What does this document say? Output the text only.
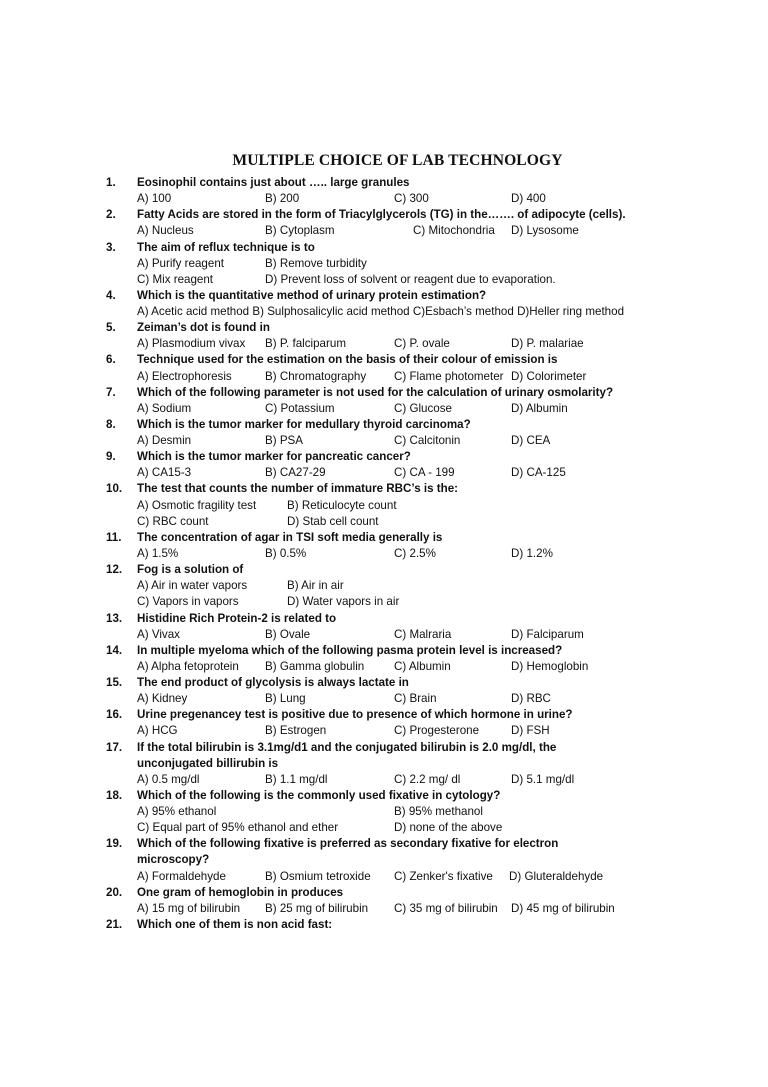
MULTIPLE CHOICE OF LAB TECHNOLOGY
1. Eosinophil contains just about ….. large granules
A) 100	B) 200	C) 300	D) 400
2. Fatty Acids are stored in the form of Triacylglycerols (TG) in the……. of adipocyte (cells).
A) Nucleus	B) Cytoplasm	C) Mitochondria D) Lysosome
3. The aim of reflux technique is to
A) Purify reagent	B) Remove turbidity
C) Mix reagent	D) Prevent loss of solvent or reagent due to evaporation.
4. Which is the quantitative method of urinary protein estimation?
A) Acetic acid method B) Sulphosalicylic acid method C)Esbach’s method D)Heller ring method
5. Zeiman’s dot is found in
A) Plasmodium vivax B) P. falciparum	C) P. ovale	D) P. malariae
6. Technique used for the estimation on the basis of their colour of emission is
A) Electrophoresis	B) Chromatography C) Flame photometer D) Colorimeter
7. Which of the following parameter is not used for the calculation of urinary osmolarity?
A) Sodium	C) Potassium	C) Glucose	D) Albumin
8. Which is the tumor marker for medullary thyroid carcinoma?
A) Desmin	B) PSA	C) Calcitonin	D) CEA
9. Which is the tumor marker for pancreatic cancer?
A) CA15-3	B) CA27-29	C) CA - 199	D) CA-125
10. The test that counts the number of immature RBC’s is the:
A) Osmotic fragility test	B) Reticulocyte count
C) RBC count	D) Stab cell count
11. The concentration of agar in TSI soft media generally is
A) 1.5%	B) 0.5%	C) 2.5%	D) 1.2%
12. Fog is a solution of
A) Air in water vapors	B) Air in air
C) Vapors in vapors	D) Water vapors in air
13. Histidine Rich Protein-2 is related to
A) Vivax	B) Ovale	C) Malraria	D) Falciparum
14. In multiple myeloma which of the following pasma protein level is increased?
A) Alpha fetoprotein B) Gamma globulin	C) Albumin	D) Hemoglobin
15. The end product of glycolysis is always lactate in
A) Kidney	B) Lung	C) Brain	D) RBC
16. Urine pregenancey test is positive due to presence of which hormone in urine?
A) HCG	B) Estrogen	C) Progesterone	D) FSH
17. If the total bilirubin is 3.1mg/d1 and the conjugated bilirubin is 2.0 mg/dl, the
unconjugated billirubin is
A) 0.5 mg/dl	B) 1.1 mg/dl	C) 2.2 mg/ dl	D) 5.1 mg/dl
18. Which of the following is the commonly used fixative in cytology?
A) 95% ethanol	B) 95% methanol
C) Equal part of 95% ethanol and ether	D) none of the above
19. Which of the following fixative is preferred as secondary fixative for electron
microscopy?
A) Formaldehyde	B) Osmium tetroxide C) Zenker's fixative D) Gluteraldehyde
20. One gram of hemoglobin in produces
A) 15 mg of bilirubin B) 25 mg of bilirubin C) 35 mg of bilirubin D) 45 mg of bilirubin
21. Which one of them is non acid fast:
